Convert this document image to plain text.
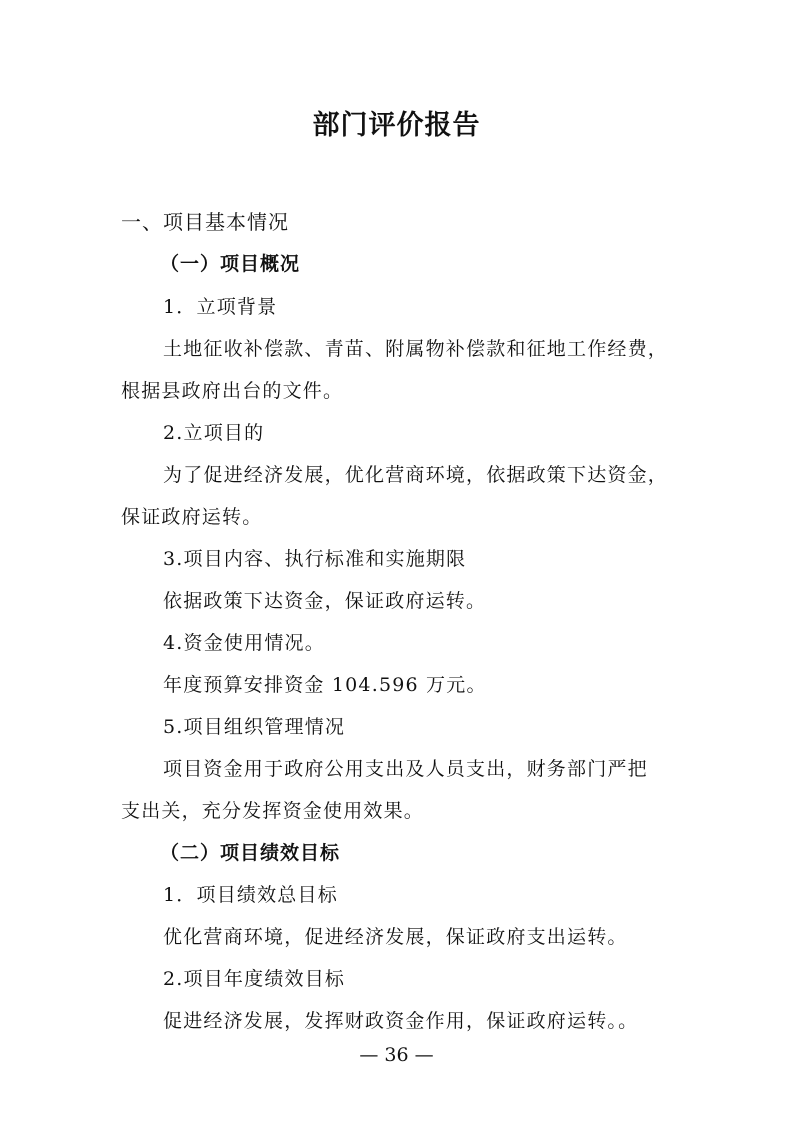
部门评价报告
一、项目基本情况
（一）项目概况
1．立项背景
土地征收补偿款、青苗、附属物补偿款和征地工作经费，
根据县政府出台的文件。
2.立项目的
为了促进经济发展，优化营商环境，依据政策下达资金，
保证政府运转。
3.项目内容、执行标准和实施期限
依据政策下达资金，保证政府运转。
4.资金使用情况。
年度预算安排资金 104.596 万元。
5.项目组织管理情况
项目资金用于政府公用支出及人员支出，财务部门严把
支出关，充分发挥资金使用效果。
（二）项目绩效目标
1．项目绩效总目标
优化营商环境，促进经济发展，保证政府支出运转。
2.项目年度绩效目标
促进经济发展，发挥财政资金作用，保证政府运转。。
— 36 —
